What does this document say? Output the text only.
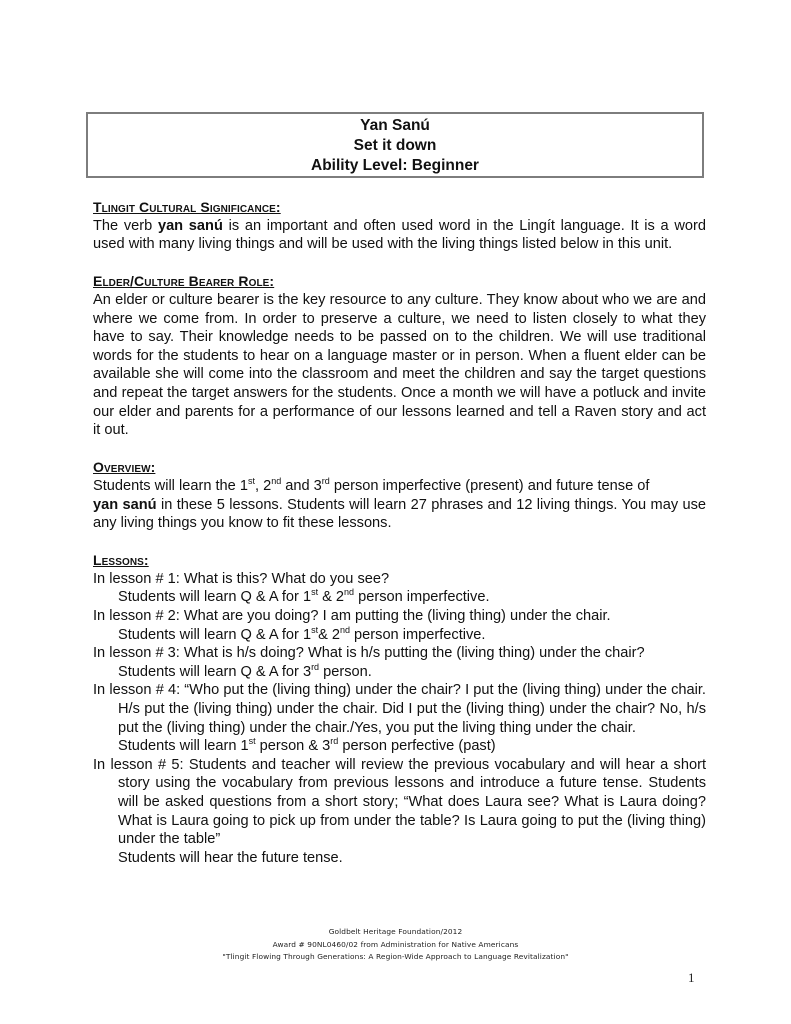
Yan Sanú
Set it down
Ability Level: Beginner
Tlingit Cultural Significance:

The verb yan sanú is an important and often used word in the Lingít language. It is a word used with many living things and will be used with the living things listed below in this unit.

Elder/Culture Bearer Role:

An elder or culture bearer is the key resource to any culture. They know about who we are and where we come from. In order to preserve a culture, we need to listen closely to what they have to say. Their knowledge needs to be passed on to the children. We will use traditional words for the students to hear on a language master or in person. When a fluent elder can be available she will come into the classroom and meet the children and say the target questions and repeat the target answers for the students. Once a month we will have a potluck and invite our elder and parents for a performance of our lessons learned and tell a Raven story and act it out.

Overview:

Students will learn the 1st, 2nd and 3rd person imperfective (present) and future tense of
yan sanú in these 5 lessons. Students will learn 27 phrases and 12 living things. You may use any living things you know to fit these lessons.

Lessons:

In lesson # 1: What is this? What do you see?

Students will learn Q & A for 1st & 2nd person imperfective.

In lesson # 2: What are you doing? I am putting the (living thing) under the chair.

Students will learn Q & A for 1st& 2nd person imperfective.

In lesson # 3: What is h/s doing? What is h/s putting the (living thing) under the chair?

Students will learn Q & A for 3rd person.

In lesson # 4: “Who put the (living thing) under the chair? I put the (living thing) under the chair. H/s put the (living thing) under the chair. Did I put the (living thing) under the chair? No, h/s put the (living thing) under the chair./Yes, you put the living thing under the chair.

Students will learn 1st person & 3rd person perfective (past)

In lesson # 5: Students and teacher will review the previous vocabulary and will hear a short story using the vocabulary from previous lessons and introduce a future tense. Students will be asked questions from a short story; “What does Laura see? What is Laura doing? What is Laura going to pick up from under the table? Is Laura going to put the (living thing) under the table”

Students will hear the future tense.

Goldbelt Heritage Foundation/2012
Award # 90NL0460/02 from Administration for Native Americans
"Tlingit Flowing Through Generations: A Region-Wide Approach to Language Revitalization"
1
